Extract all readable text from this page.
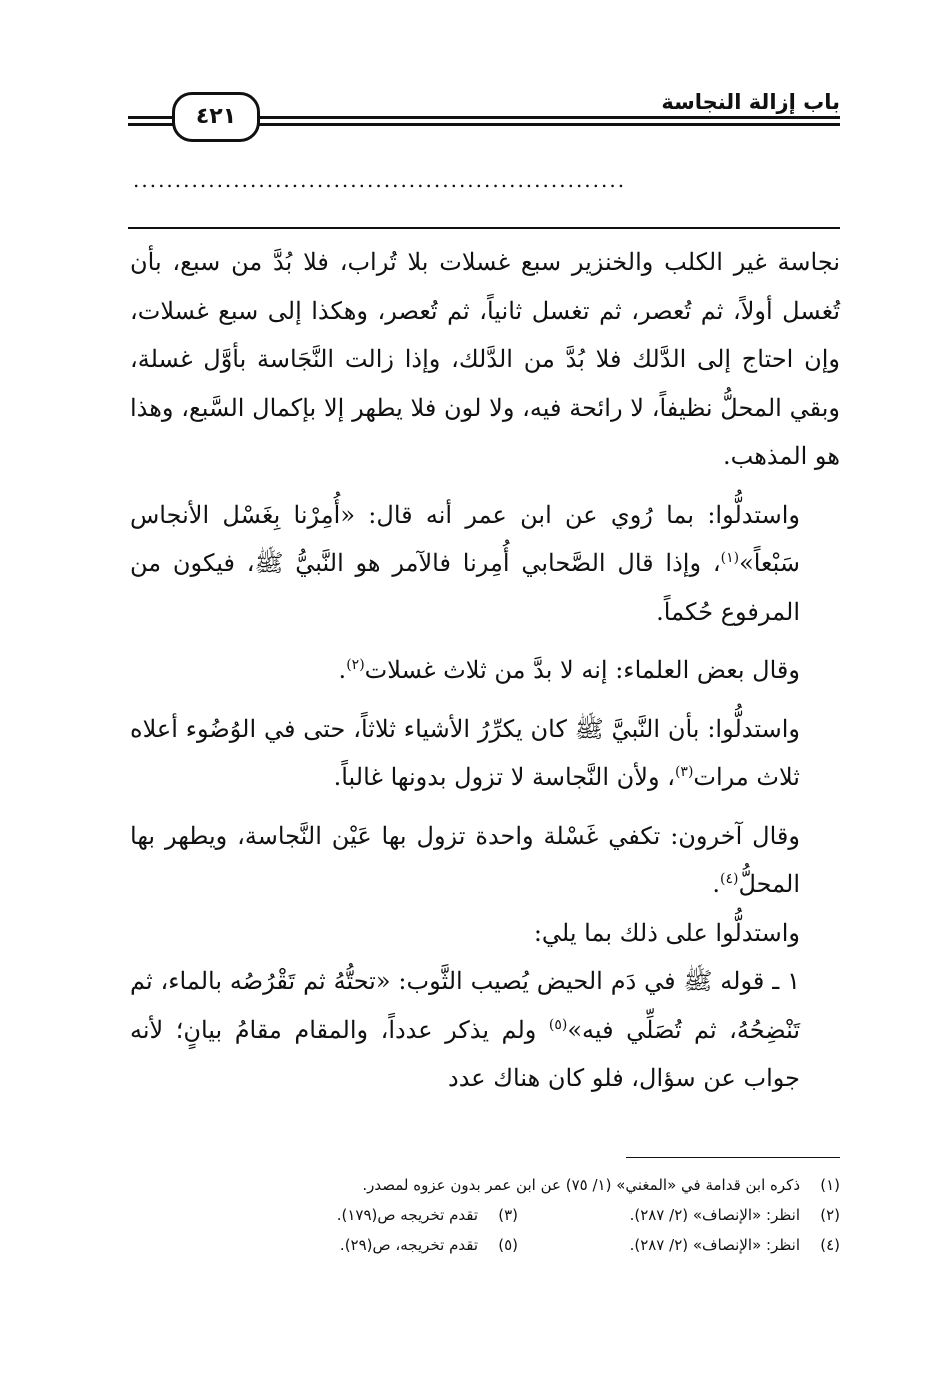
باب إزالة النجاسة
٤٢١
...........................................................

نجاسة غير الكلب والخنزير سبع غسلات بلا تُراب، فلا بُدَّ من سبع، بأن تُغسل أولاً، ثم تُعصر، ثم تغسل ثانياً، ثم تُعصر، وهكذا إلى سبع غسلات، وإن احتاج إلى الدَّلك فلا بُدَّ من الدَّلك، وإذا زالت النَّجَاسة بأوَّل غسلة، وبقي المحلُّ نظيفاً، لا رائحة فيه، ولا لون فلا يطهر إلا بإكمال السَّبع، وهذا هو المذهب.

واستدلُّوا: بما رُوي عن ابن عمر أنه قال: «أُمِرْنا بِغَسْل الأنجاس سَبْعاً»$^{(١)}$، وإذا قال الصَّحابي أُمِرنا فالآمر هو النَّبيُّ ﷺ، فيكون من المرفوع حُكماً.

وقال بعض العلماء: إنه لا بدَّ من ثلاث غسلات$^{(٢)}$.

واستدلُّوا: بأن النَّبيَّ ﷺ كان يكرِّرُ الأشياء ثلاثاً، حتى في الوُضُوء أعلاه ثلاث مرات$^{(٣)}$، ولأن النَّجاسة لا تزول بدونها غالباً.

وقال آخرون: تكفي غَسْلة واحدة تزول بها عَيْن النَّجاسة، ويطهر بها المحلُّ$^{(٤)}$.

واستدلُّوا على ذلك بما يلي:

١ ـ قوله ﷺ في دَم الحيض يُصيب الثَّوب: «تحتُّهُ ثم تَقْرُصُه بالماء، ثم تَنْضِحُهُ، ثم تُصَلِّي فيه»$^{(٥)}$ ولم يذكر عدداً، والمقام مقامُ بيانٍ؛ لأنه جواب عن سؤال، فلو كان هناك عدد

(١)
ذكره ابن قدامة في «المغني» (١/ ٧٥) عن ابن عمر بدون عزوه لمصدر.
(٢)انظر: «الإنصاف» (٢/ ٢٨٧).
(٣)تقدم تخريجه ص(١٧٩).
(٤)انظر: «الإنصاف» (٢/ ٢٨٧).
(٥)تقدم تخريجه، ص(٢٩).
